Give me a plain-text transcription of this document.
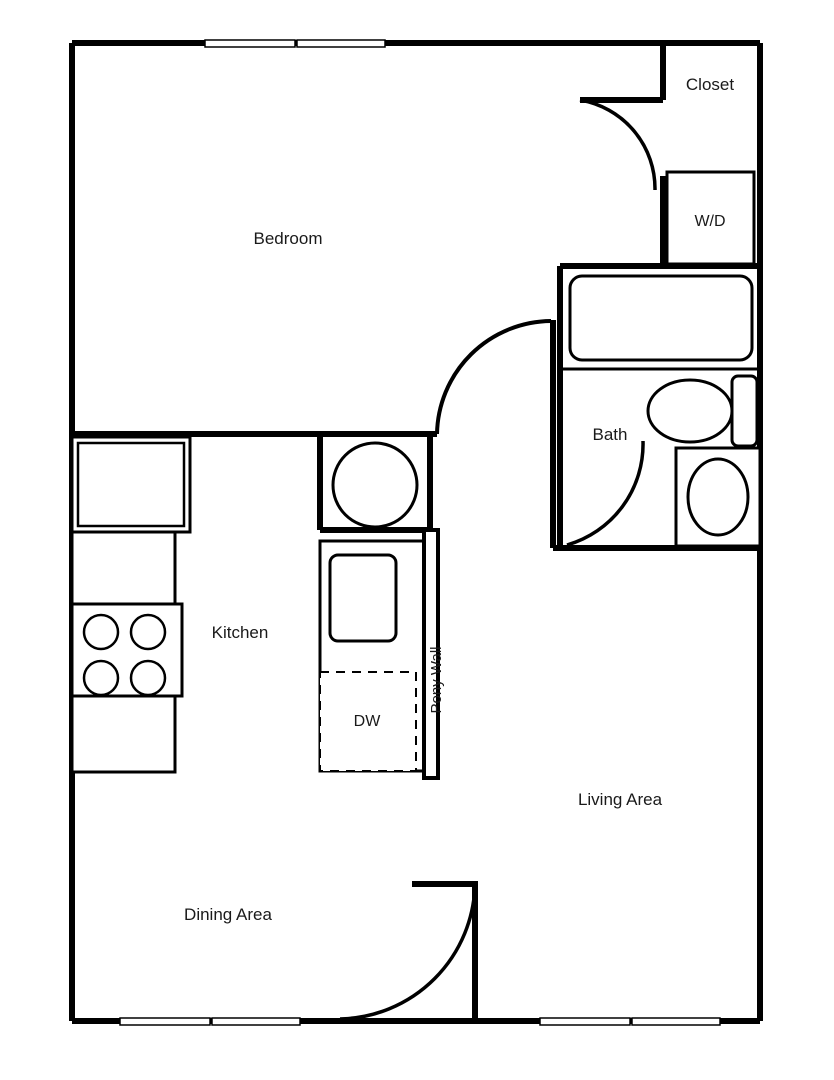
Bedroom
Closet
W/D
Bath
Kitchen
DW
Pony Wall
Living Area
Dining Area
